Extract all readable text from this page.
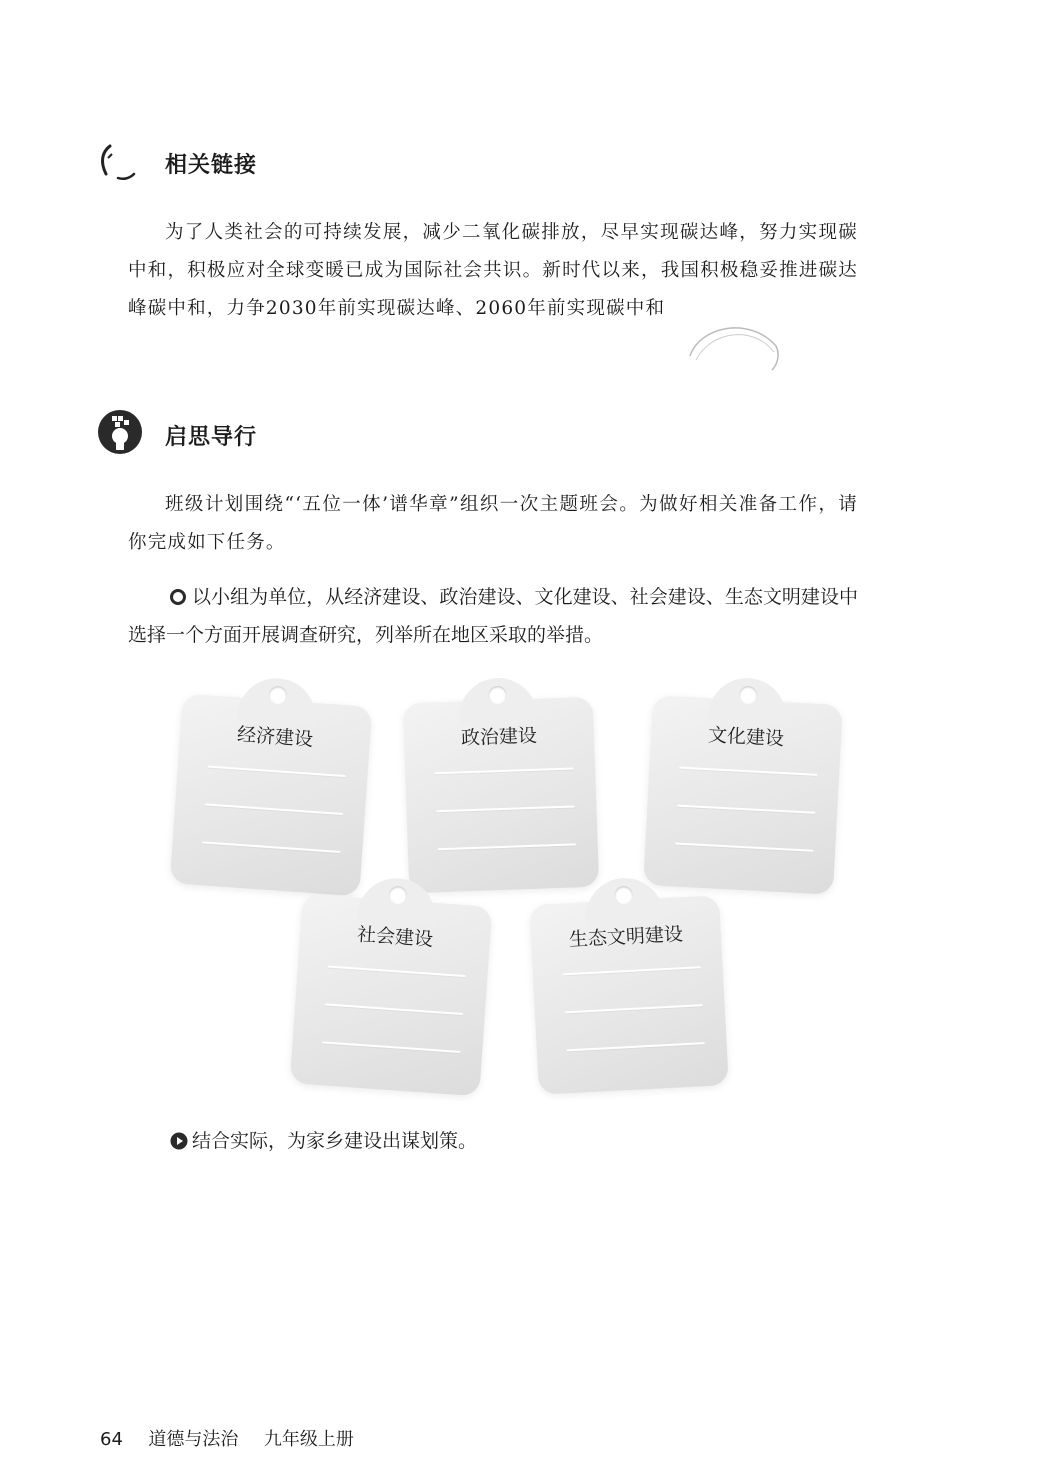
相关链接
为了人类社会的可持续发展，减少二氧化碳排放，尽早实现碳达峰，努力实现碳中和，积极应对全球变暖已成为国际社会共识。新时代以来，我国积极稳妥推进碳达峰碳中和，力争2030年前实现碳达峰、2060年前实现碳中和
启思导行
班级计划围绕“‘五位一体’谱华章”组织一次主题班会。为做好相关准备工作，请你完成如下任务。
以小组为单位，从经济建设、政治建设、文化建设、社会建设、生态文明建设中选择一个方面开展调查研究，列举所在地区采取的举措。
经济建设	政治建设	文化建设
社会建设	生态文明建设
结合实际，为家乡建设出谋划策。
64 道德与法治 九年级上册
